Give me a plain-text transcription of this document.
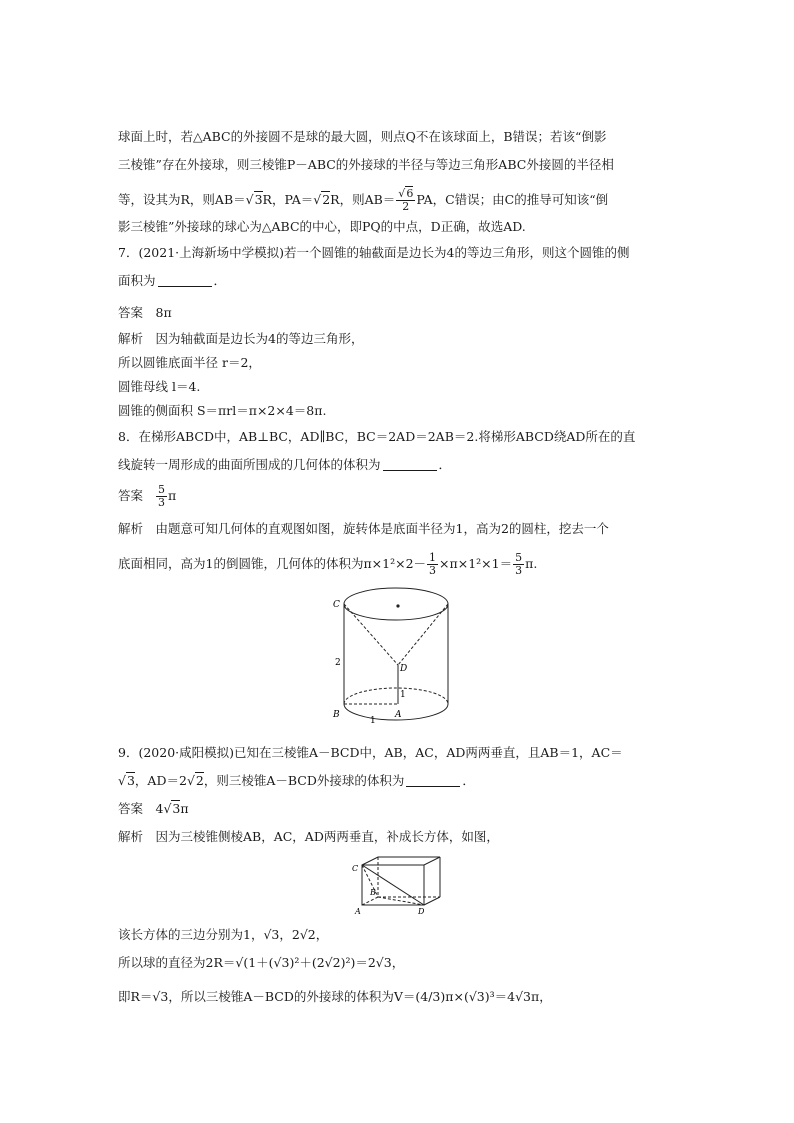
球面上时，若△ABC的外接圆不是球的最大圆，则点Q不在该球面上，B错误；若该“倒影
三棱锥”存在外接球，则三棱锥P－ABC的外接球的半径与等边三角形ABC外接圆的半径相
等，设其为R，则AB＝√3R，PA＝√2R，则$AB= \frac{√6}{2}$ PA，C错误；由C的推导可知该“倒
影三棱锥”外接球的球心为△ABC的中心，即PQ的中点，D正确，故选AD.
7．(2021·上海新场中学模拟)若一个圆锥的轴截面是边长为4的等边三角形，则这个圆锥的侧
面积为	．
答案　8π
解析　因为轴截面是边长为4的等边三角形，
所以圆锥底面半径 r＝2，
圆锥母线 l＝4.
圆锥的侧面积 S＝πrl＝π×2×4＝8π.
8．在梯形ABCD中，AB⊥BC，AD∥BC，BC＝2AD＝2AB＝2.将梯形ABCD绕AD所在的直
线旋转一周形成的曲面所围成的几何体的体积为	．
答案 $\frac{5}{3}$ π
解析　由题意可知几何体的直观图如图，旋转体是底面半径为1，高为2的圆柱，挖去一个
底面相同，高为1的倒圆锥，几何体的体积为$\pi\times 1^2\times 2- \frac{1}{3} \times\pi\times 1^2\times 1= \frac{5}{3} \pi$.
C
D
B	A
2
1
1
9．(2020·咸阳模拟)已知在三棱锥A－BCD中，AB，AC，AD两两垂直，且AB＝1，AC＝
√3，AD＝2√2，则三棱锥A－BCD外接球的体积为	．
答案　4√3π
解析　因为三棱锥侧棱AB，AC，AD两两垂直，补成长方体，如图，
C
B
A	D
该长方体的三边分别为1，√3，2√2，
所以球的直径为2R＝√(1＋(√3)²＋(2√2)²)＝2√3，
即R＝√3，所以三棱锥A－BCD的外接球的体积为V＝(4/3)π×(√3)³＝4√3π，
